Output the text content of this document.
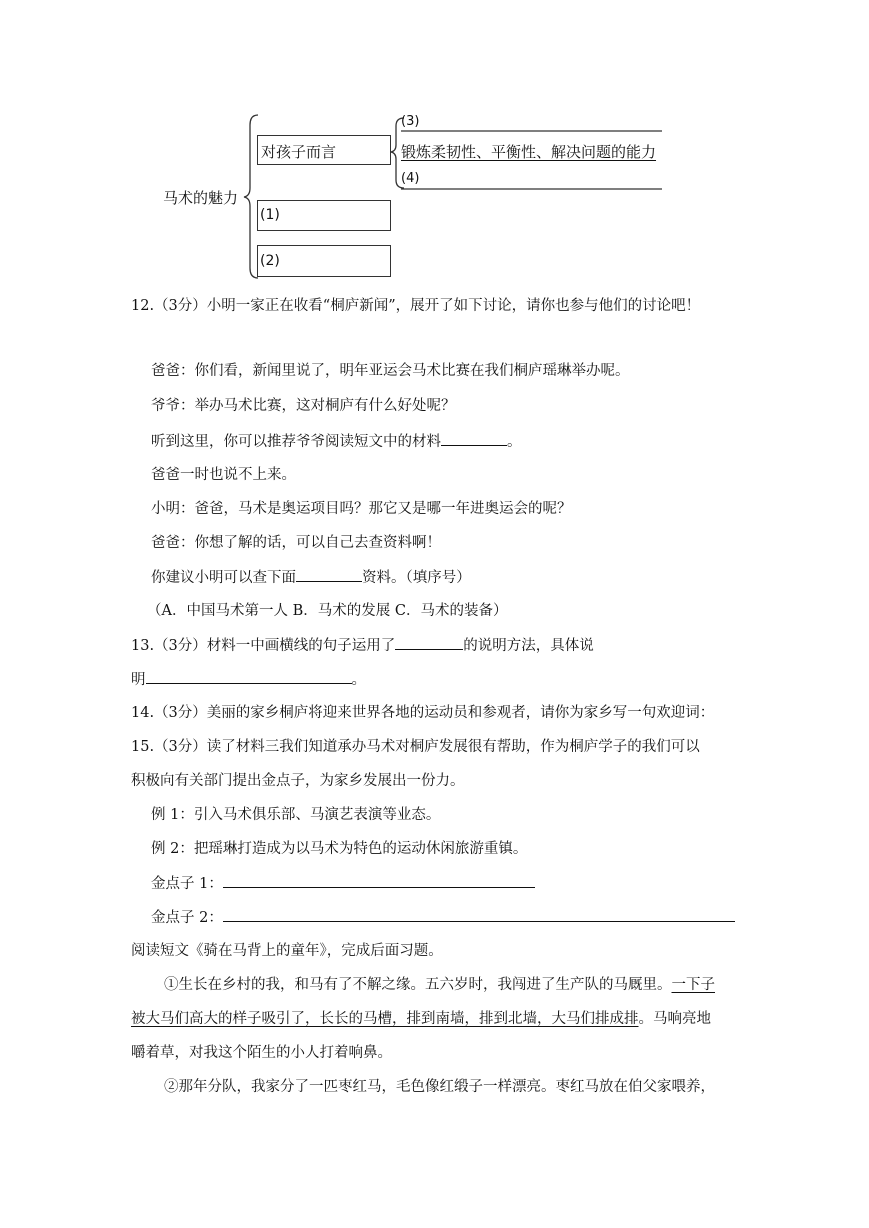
马术的魅力
对孩子而言
(1)
(2)
(3)
锻炼柔韧性、平衡性、解决问题的能力
(4)
12.（3分）小明一家正在收看“桐庐新闻”，展开了如下讨论，请你也参与他们的讨论吧！
爸爸：你们看，新闻里说了，明年亚运会马术比赛在我们桐庐瑶琳举办呢。
爷爷：举办马术比赛，这对桐庐有什么好处呢？
听到这里，你可以推荐爷爷阅读短文中的材料	。
爸爸一时也说不上来。
小明：爸爸，马术是奥运项目吗？那它又是哪一年进奥运会的呢？
爸爸：你想了解的话，可以自己去查资料啊！
你建议小明可以查下面	资料。（填序号）
（A．中国马术第一人 B．马术的发展 C．马术的装备）
13.（3分）材料一中画横线的句子运用了	的说明方法，具体说
明	。
14.（3分）美丽的家乡桐庐将迎来世界各地的运动员和参观者，请你为家乡写一句欢迎词：
15.（3分）读了材料三我们知道承办马术对桐庐发展很有帮助，作为桐庐学子的我们可以
积极向有关部门提出金点子，为家乡发展出一份力。
例 1：引入马术俱乐部、马演艺表演等业态。
例 2：把瑶琳打造成为以马术为特色的运动休闲旅游重镇。
金点子 1：
金点子 2：
阅读短文《骑在马背上的童年》，完成后面习题。
①生长在乡村的我，和马有了不解之缘。五六岁时，我闯进了生产队的马厩里。一下子
被大马们高大的样子吸引了，长长的马槽，排到南墙，排到北墙，大马们排成排。马响亮地
嚼着草，对我这个陌生的小人打着响鼻。
②那年分队，我家分了一匹枣红马，毛色像红缎子一样漂亮。枣红马放在伯父家喂养，
